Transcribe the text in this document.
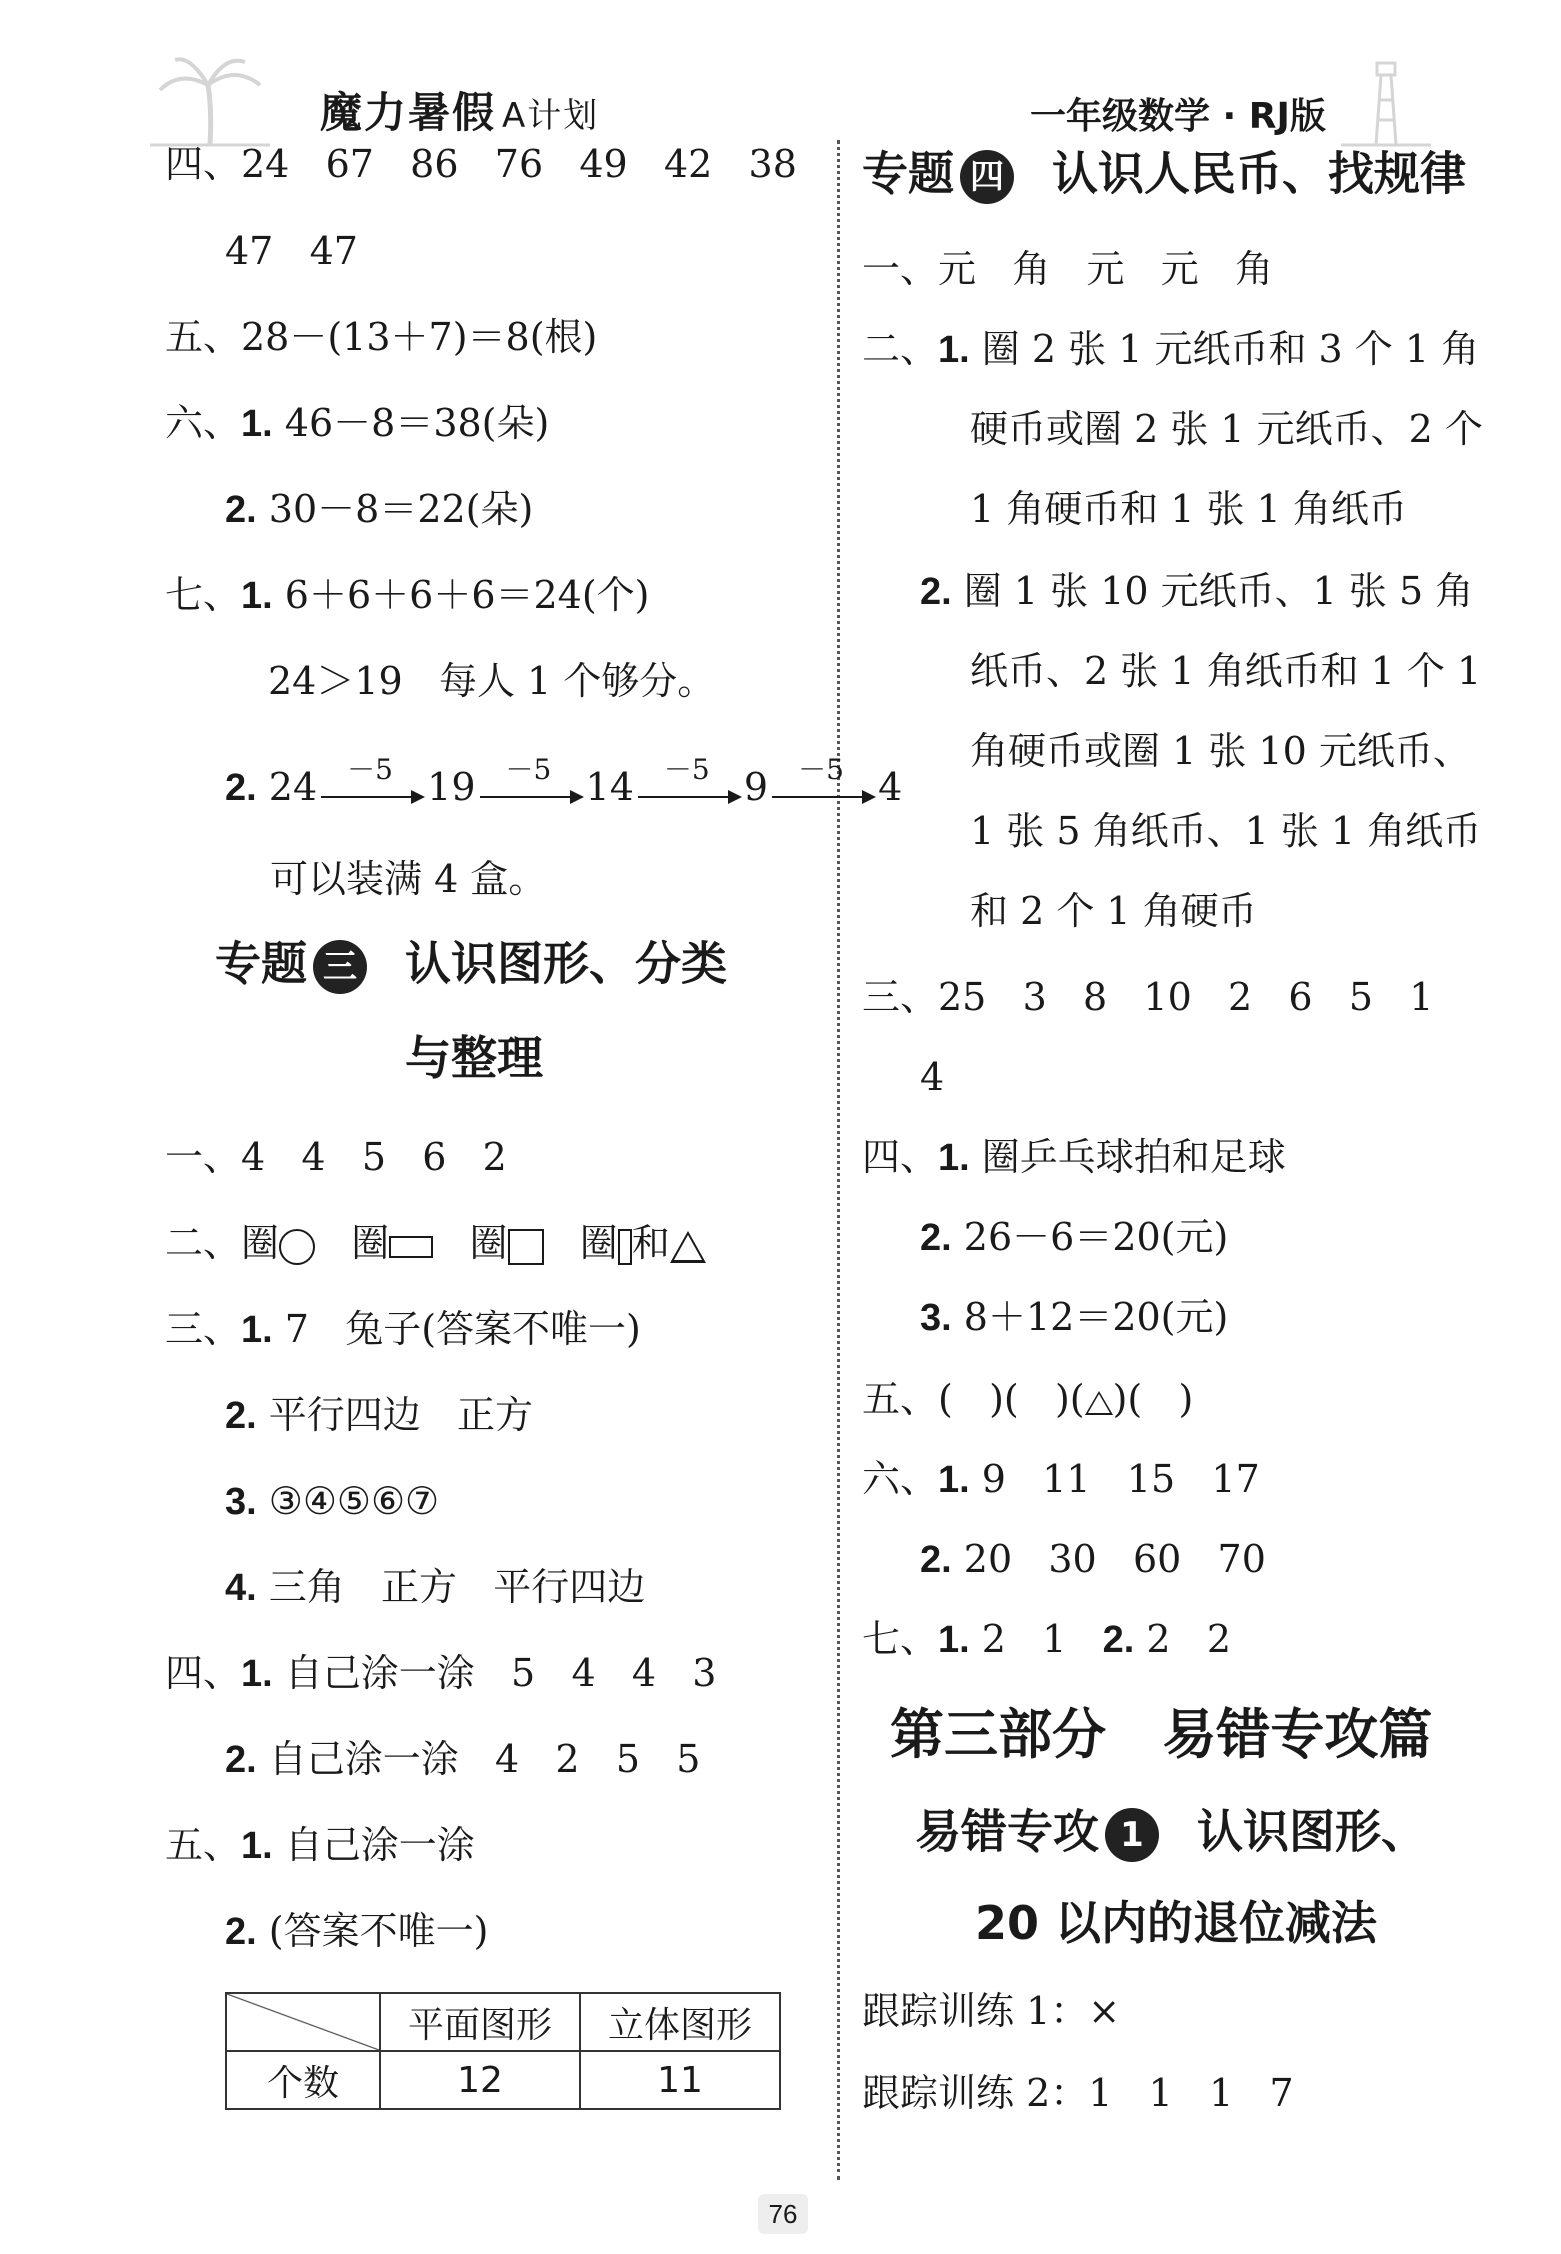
魔力暑假 A计划	一年级数学 · RJ版
四、24   67   86   76   49   42   38
47   47
五、28－(13＋7)＝8(根)
六、1. 46－8＝38(朵)
2. 30－8＝22(朵)
七、1. 6＋6＋6＋6＝24(个)
24＞19   每人 1 个够分。
2. 24 －5 19 －5 14 －5 9 －5 4
可以装满 4 盒。
专题 三 认识图形、分类
与整理
一、4   4   5   6   2
二、圈 圈 圈 圈 和
三、1. 7   兔子(答案不唯一)
2. 平行四边   正方
3. ③④⑤⑥⑦
4. 三角   正方   平行四边
四、1. 自己涂一涂   5   4   4   3
2. 自己涂一涂   4   2   5   5
五、1. 自己涂一涂
2. (答案不唯一)
	平面图形	立体图形
个数	12	11
专题 四 认识人民币、找规律
一、元   角   元   元   角
二、1. 圈 2 张 1 元纸币和 3 个 1 角
硬币或圈 2 张 1 元纸币、2 个
1 角硬币和 1 张 1 角纸币
2. 圈 1 张 10 元纸币、1 张 5 角
纸币、2 张 1 角纸币和 1 个 1
角硬币或圈 1 张 10 元纸币、
1 张 5 角纸币、1 张 1 角纸币
和 2 个 1 角硬币
三、25   3   8   10   2   6   5   1
4
四、1. 圈乒乓球拍和足球
2. 26－6＝20(元)
3. 8＋12＝20(元)
五、(   )(   )( )(   )
六、1. 9   11   15   17
2. 20   30   60   70
七、1. 2   1   2. 2   2
第三部分   易错专攻篇
易错专攻 1 认识图形、
20 以内的退位减法
跟踪训练 1：×
跟踪训练 2：1   1   1   7
76
